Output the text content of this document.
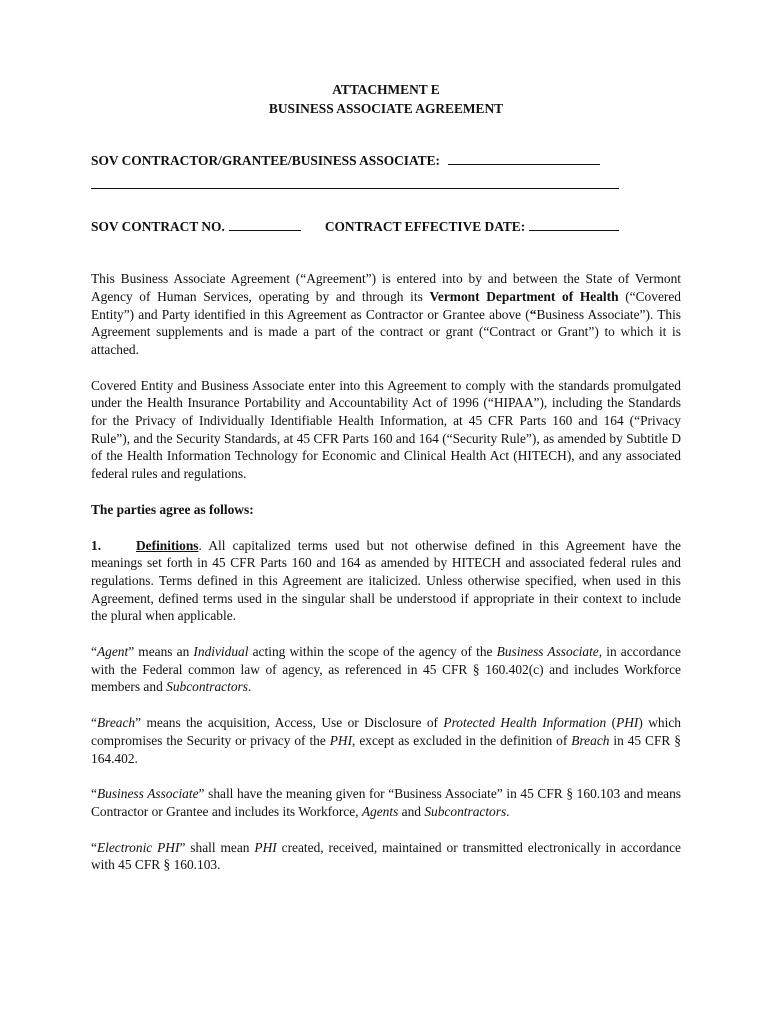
ATTACHMENT E
BUSINESS ASSOCIATE AGREEMENT
SOV CONTRACTOR/GRANTEE/BUSINESS ASSOCIATE:
SOV CONTRACT NO.	CONTRACT EFFECTIVE DATE:

This Business Associate Agreement (“Agreement”) is entered into by and between the State of Vermont Agency of Human Services, operating by and through its Vermont Department of Health (“Covered Entity”) and Party identified in this Agreement as Contractor or Grantee above (“Business Associate”). This Agreement supplements and is made a part of the contract or grant (“Contract or Grant”) to which it is attached.

Covered Entity and Business Associate enter into this Agreement to comply with the standards promulgated under the Health Insurance Portability and Accountability Act of 1996 (“HIPAA”), including the Standards for the Privacy of Individually Identifiable Health Information, at 45 CFR Parts 160 and 164 (“Privacy Rule”), and the Security Standards, at 45 CFR Parts 160 and 164 (“Security Rule”), as amended by Subtitle D of the Health Information Technology for Economic and Clinical Health Act (HITECH), and any associated federal rules and regulations.

The parties agree as follows:

1.	Definitions. All capitalized terms used but not otherwise defined in this Agreement have the meanings set forth in 45 CFR Parts 160 and 164 as amended by HITECH and associated federal rules and regulations. Terms defined in this Agreement are italicized. Unless otherwise specified, when used in this Agreement, defined terms used in the singular shall be understood if appropriate in their context to include the plural when applicable.

“Agent” means an Individual acting within the scope of the agency of the Business Associate, in accordance with the Federal common law of agency, as referenced in 45 CFR § 160.402(c) and includes Workforce members and Subcontractors.

“Breach” means the acquisition, Access, Use or Disclosure of Protected Health Information (PHI) which compromises the Security or privacy of the PHI, except as excluded in the definition of Breach in 45 CFR § 164.402.

“Business Associate” shall have the meaning given for “Business Associate” in 45 CFR § 160.103 and means Contractor or Grantee and includes its Workforce, Agents and Subcontractors.

“Electronic PHI” shall mean PHI created, received, maintained or transmitted electronically in accordance with 45 CFR § 160.103.
